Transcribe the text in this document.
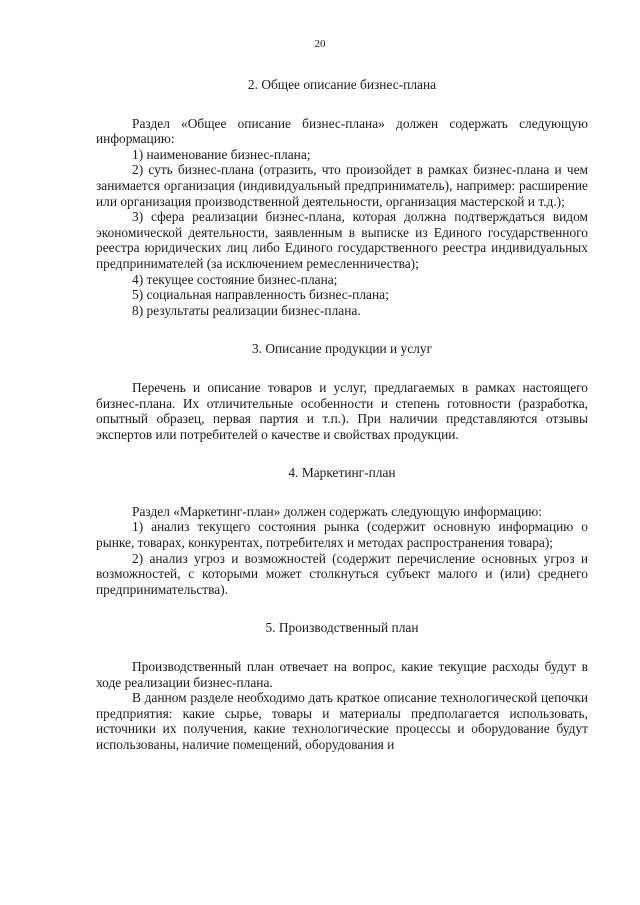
20
2. Общее описание бизнес-плана

Раздел «Общее описание бизнес-плана» должен содержать следующую информацию:

1) наименование бизнес-плана;

2) суть бизнес-плана (отразить, что произойдет в рамках бизнес-плана и чем занимается организация (индивидуальный предприниматель), например: расширение или организация производственной деятельности, организация мастерской и т.д.);

3) сфера реализации бизнес-плана, которая должна подтверждаться видом экономической деятельности, заявленным в выписке из Единого государственного реестра юридических лиц либо Единого государственного реестра индивидуальных предпринимателей (за исключением ремесленничества);

4) текущее состояние бизнес-плана;

5) социальная направленность бизнес-плана;

8) результаты реализации бизнес-плана.

3. Описание продукции и услуг

Перечень и описание товаров и услуг, предлагаемых в рамках настоящего бизнес-плана. Их отличительные особенности и степень готовности (разработка, опытный образец, первая партия и т.п.). При наличии представляются отзывы экспертов или потребителей о качестве и свойствах продукции.

4. Маркетинг-план

Раздел «Маркетинг-план» должен содержать следующую информацию:

1) анализ текущего состояния рынка (содержит основную информацию о рынке, товарах, конкурентах, потребителях и методах распространения товара);

2) анализ угроз и возможностей (содержит перечисление основных угроз и возможностей, с которыми может столкнуться субъект малого и (или) среднего предпринимательства).

5. Производственный план

Производственный план отвечает на вопрос, какие текущие расходы будут в ходе реализации бизнес-плана.

В данном разделе необходимо дать краткое описание технологической цепочки предприятия: какие сырье, товары и материалы предполагается использовать, источники их получения, какие технологические процессы и оборудование будут использованы, наличие помещений, оборудования и
